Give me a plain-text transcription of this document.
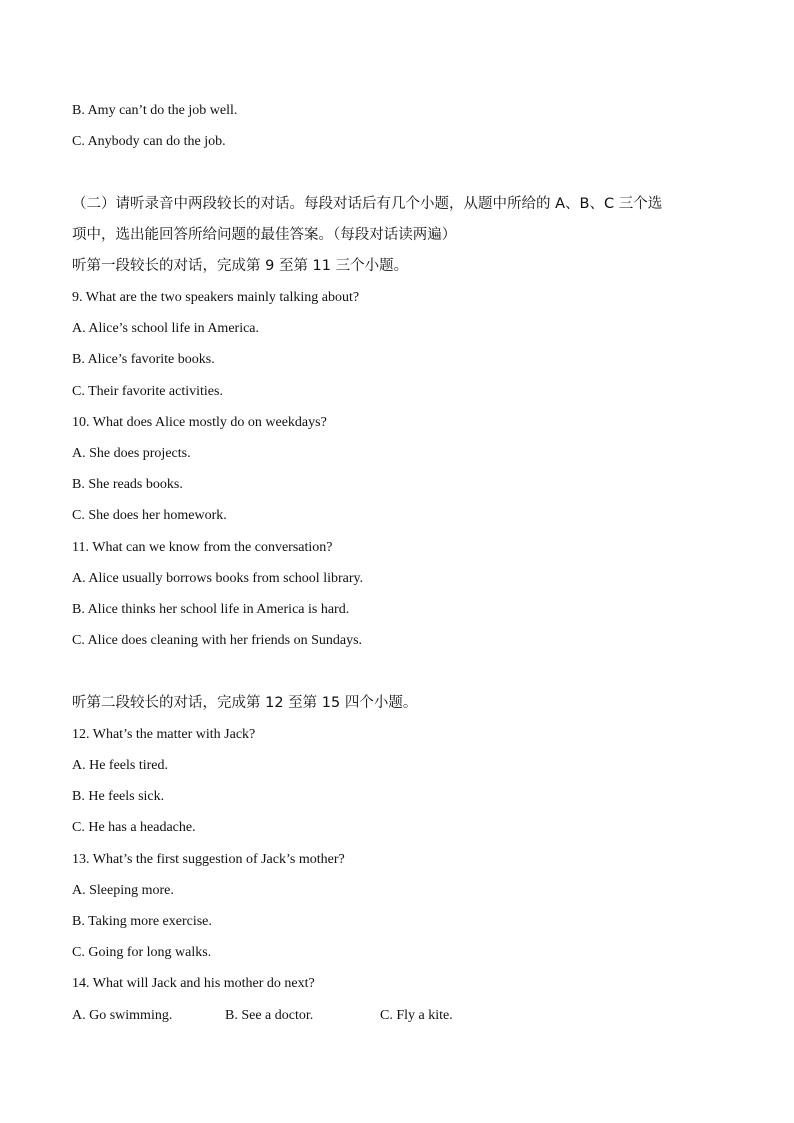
B. Amy can’t do the job well.
C. Anybody can do the job.
（二）请听录音中两段较长的对话。每段对话后有几个小题，从题中所给的 A、B、C 三个选
项中，选出能回答所给问题的最佳答案。（每段对话读两遍）
听第一段较长的对话，完成第 9 至第 11 三个小题。
9. What are the two speakers mainly talking about?
A. Alice’s school life in America.
B. Alice’s favorite books.
C. Their favorite activities.
10. What does Alice mostly do on weekdays?
A. She does projects.
B. She reads books.
C. She does her homework.
11. What can we know from the conversation?
A. Alice usually borrows books from school library.
B. Alice thinks her school life in America is hard.
C. Alice does cleaning with her friends on Sundays.
听第二段较长的对话，完成第 12 至第 15 四个小题。
12. What’s the matter with Jack?
A. He feels tired.
B. He feels sick.
C. He has a headache.
13. What’s the first suggestion of Jack’s mother?
A. Sleeping more.
B. Taking more exercise.
C. Going for long walks.
14. What will Jack and his mother do next?
A. Go swimming.	B. See a doctor.	C. Fly a kite.
